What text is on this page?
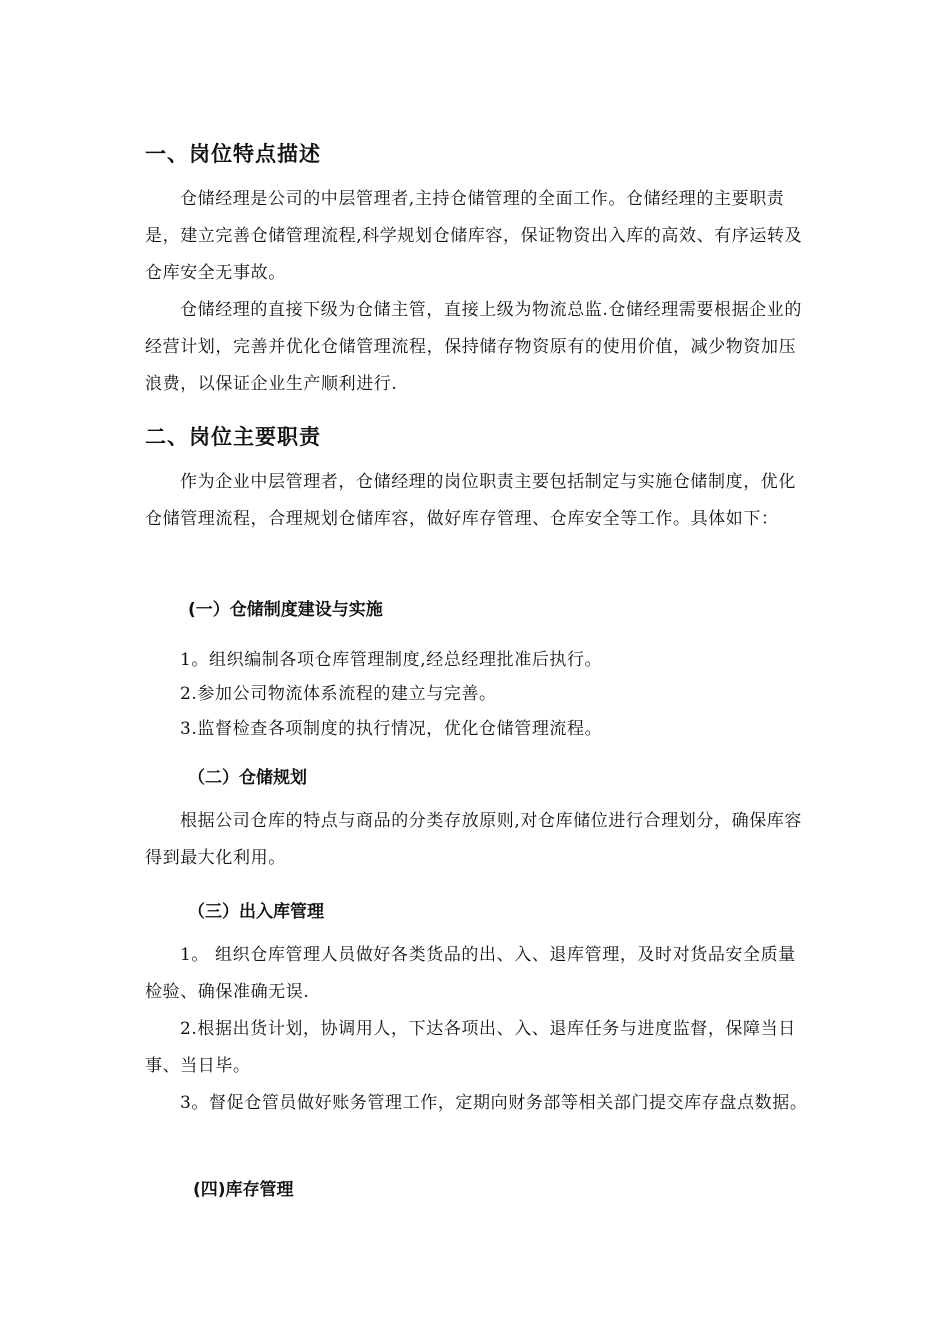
一、岗位特点描述

仓储经理是公司的中层管理者,主持仓储管理的全面工作。仓储经理的主要职责是，建立完善仓储管理流程,科学规划仓储库容，保证物资出入库的高效、有序运转及仓库安全无事故。

仓储经理的直接下级为仓储主管，直接上级为物流总监.仓储经理需要根据企业的经营计划，完善并优化仓储管理流程，保持储存物资原有的使用价值，减少物资加压浪费，以保证企业生产顺利进行.

二、岗位主要职责

作为企业中层管理者，仓储经理的岗位职责主要包括制定与实施仓储制度，优化仓储管理流程，合理规划仓储库容，做好库存管理、仓库安全等工作。具体如下：

(一）仓储制度建设与实施
1。组织编制各项仓库管理制度,经总经理批准后执行。
2.参加公司物流体系流程的建立与完善。
3.监督检查各项制度的执行情况，优化仓储管理流程。
（二）仓储规划

根据公司仓库的特点与商品的分类存放原则,对仓库储位进行合理划分，确保库容得到最大化利用。

（三）出入库管理

1。 组织仓库管理人员做好各类货品的出、入、退库管理，及时对货品安全质量检验、确保准确无误.

2.根据出货计划，协调用人，下达各项出、入、退库任务与进度监督，保障当日事、当日毕。

3。督促仓管员做好账务管理工作，定期向财务部等相关部门提交库存盘点数据。

(四)库存管理
